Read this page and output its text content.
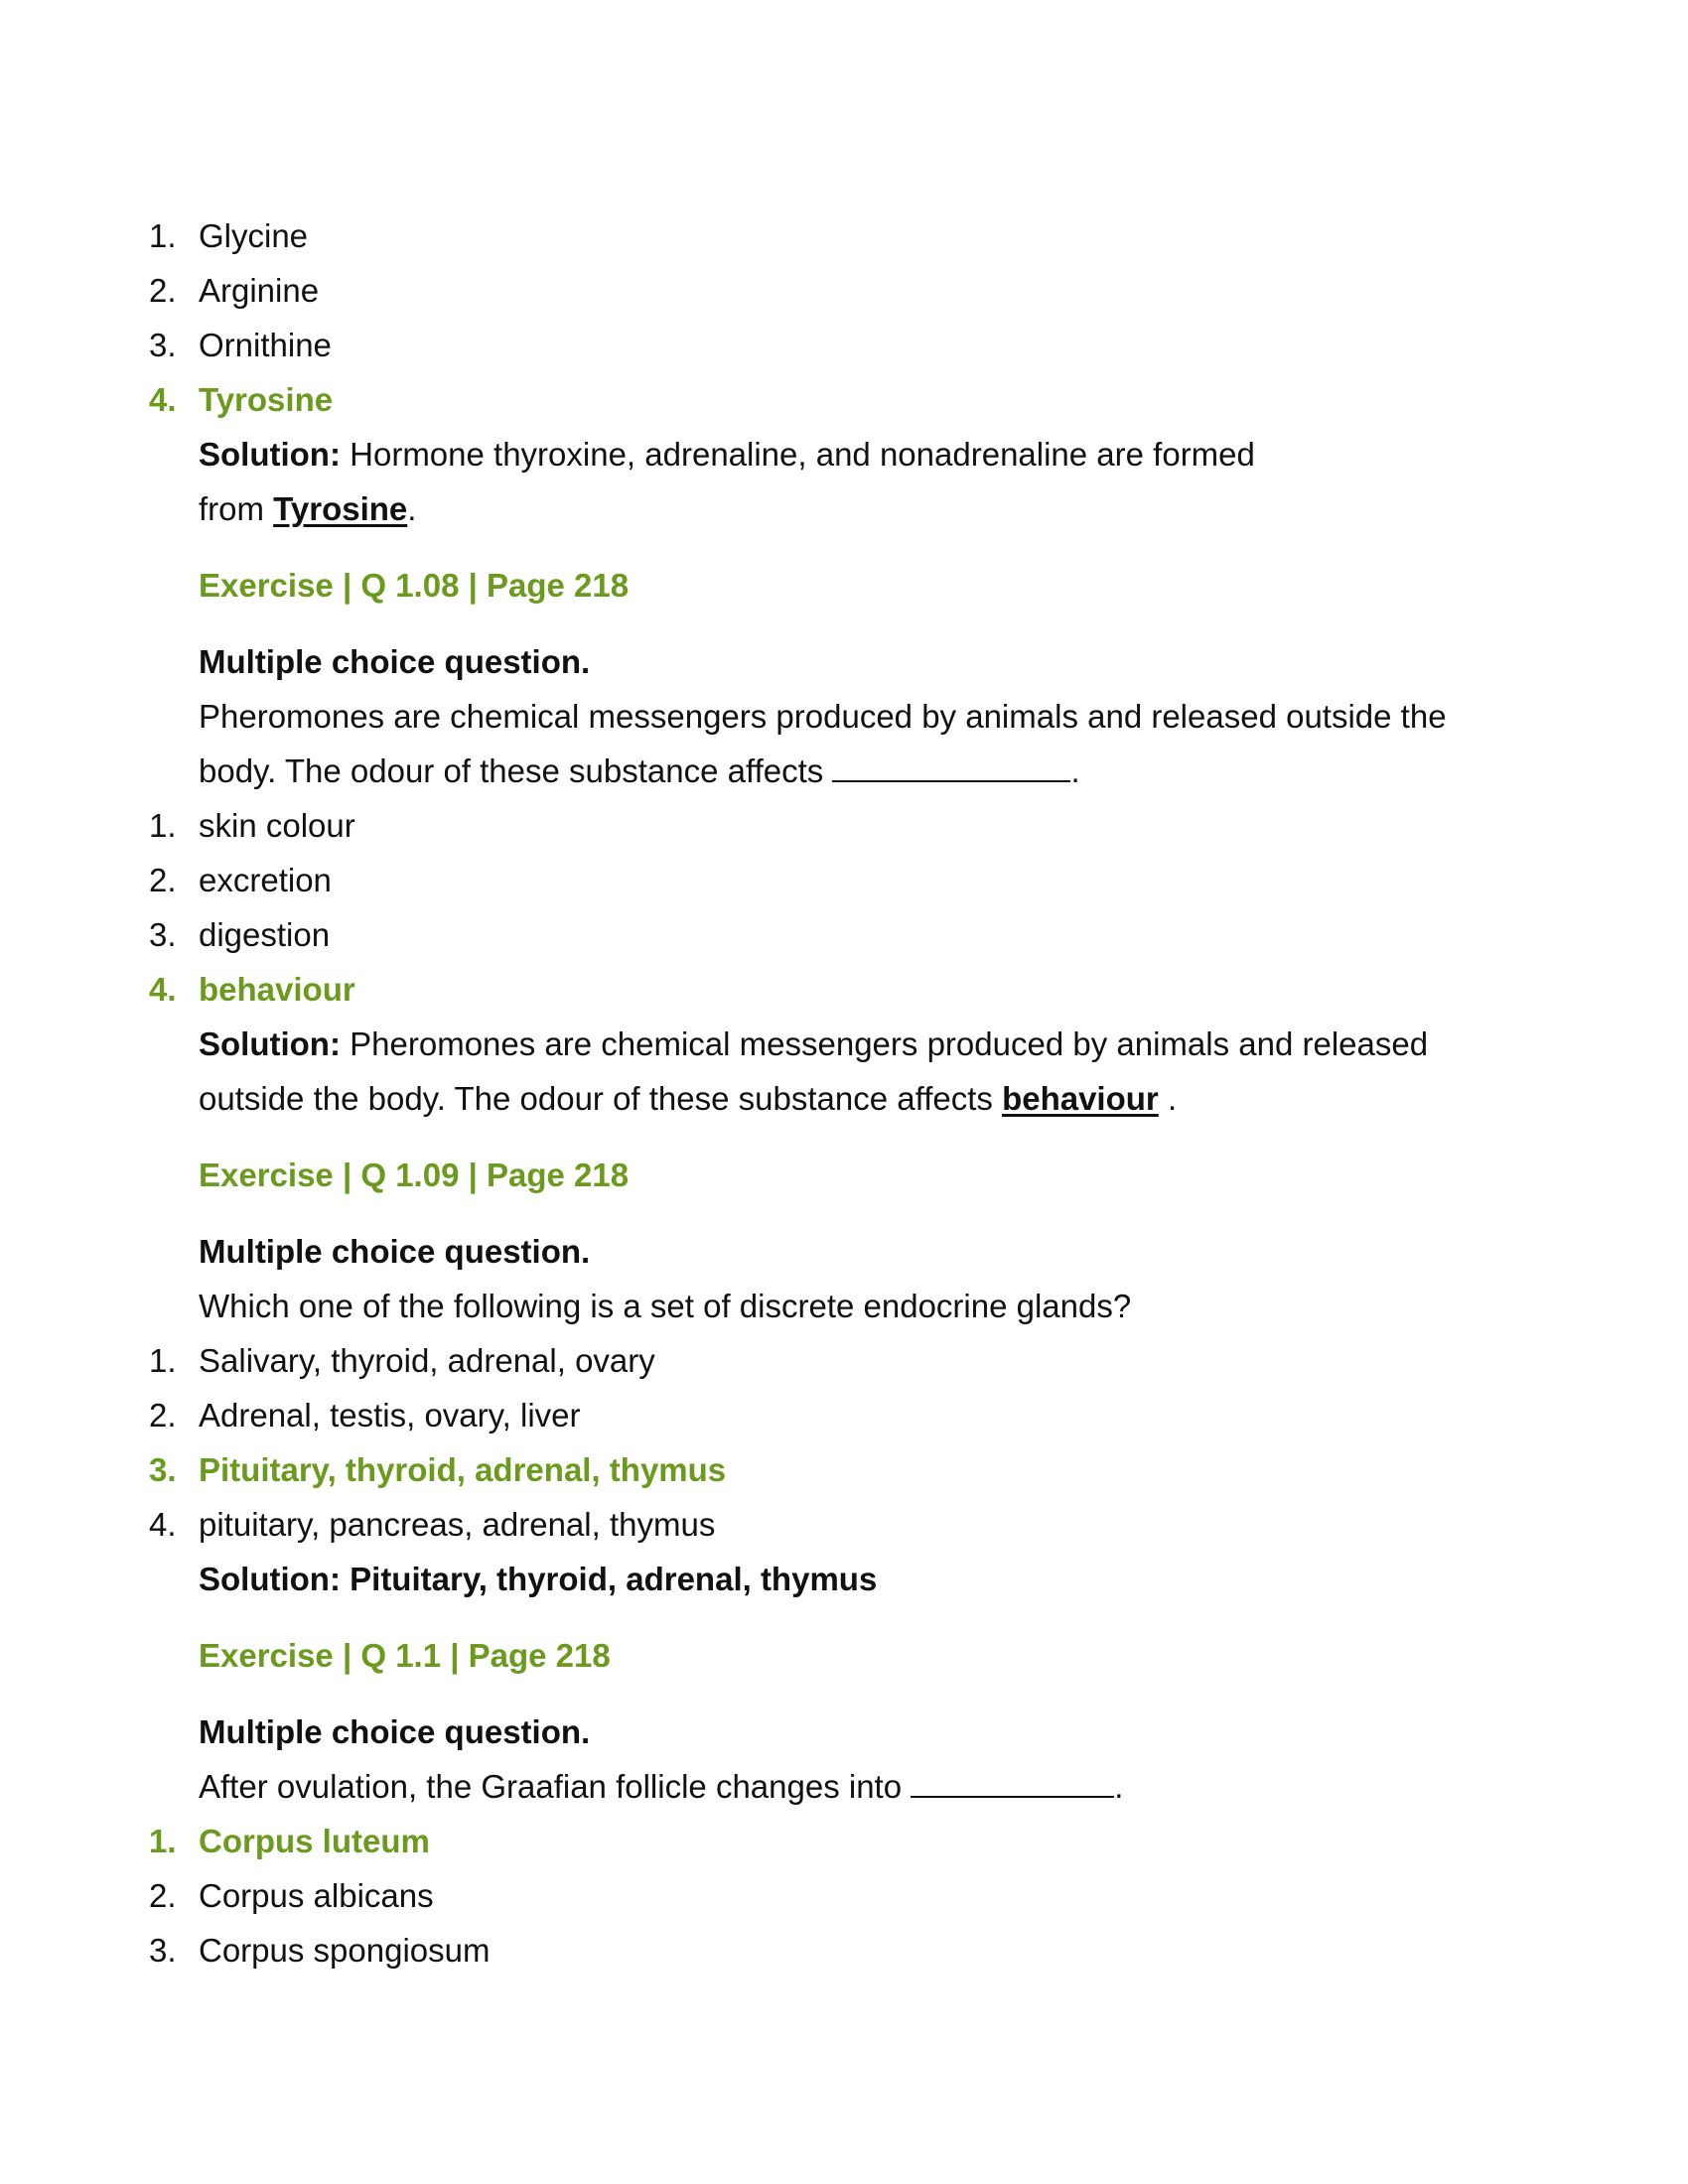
1. Glycine
2. Arginine
3. Ornithine
4. Tyrosine
Solution: Hormone thyroxine, adrenaline, and nonadrenaline are formed
from Tyrosine.
Exercise | Q 1.08 | Page 218
Multiple choice question.
Pheromones are chemical messengers produced by animals and released outside the
body. The odour of these substance affects	.
1. skin colour
2. excretion
3. digestion
4. behaviour
Solution: Pheromones are chemical messengers produced by animals and released
outside the body. The odour of these substance affects behaviour .
Exercise | Q 1.09 | Page 218
Multiple choice question.
Which one of the following is a set of discrete endocrine glands?
1. Salivary, thyroid, adrenal, ovary
2. Adrenal, testis, ovary, liver
3. Pituitary, thyroid, adrenal, thymus
4. pituitary, pancreas, adrenal, thymus
Solution: Pituitary, thyroid, adrenal, thymus
Exercise | Q 1.1 | Page 218
Multiple choice question.
After ovulation, the Graafian follicle changes into	.
1. Corpus luteum
2. Corpus albicans
3. Corpus spongiosum
